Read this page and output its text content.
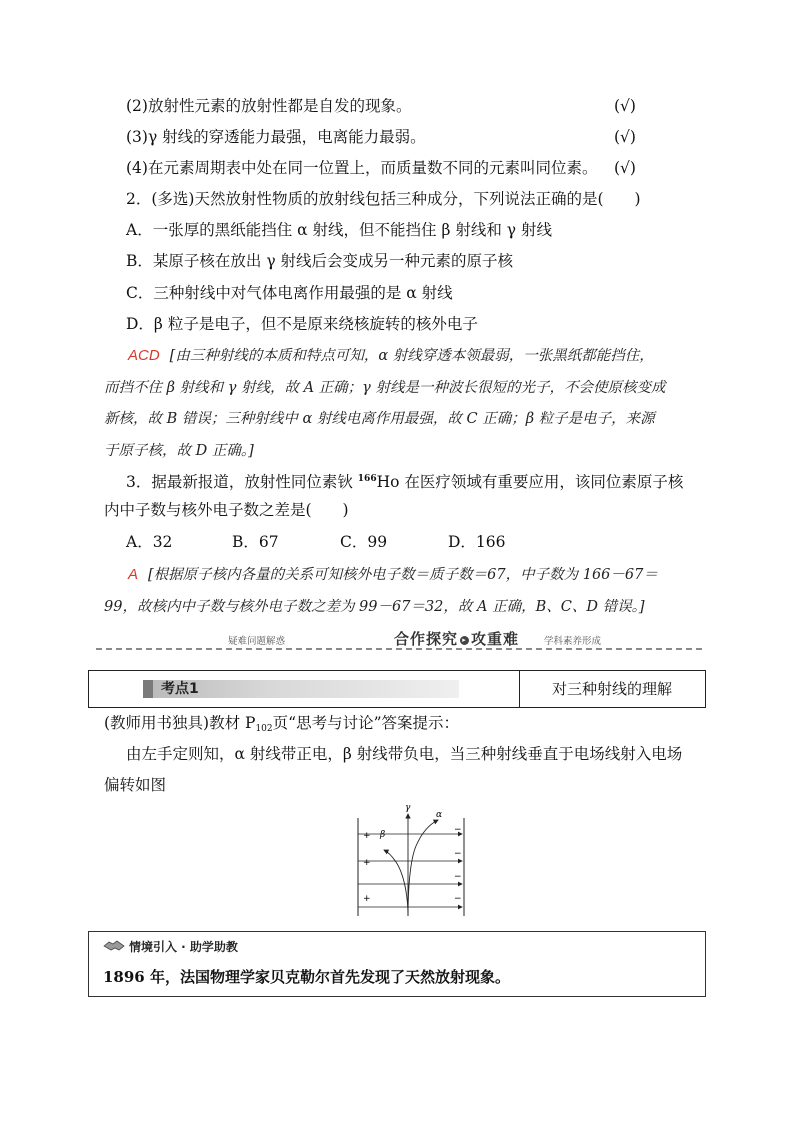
(2)放射性元素的放射性都是自发的现象。	(√)
(3)γ 射线的穿透能力最强，电离能力最弱。	(√)
(4)在元素周期表中处在同一位置上，而质量数不同的元素叫同位素。 (√)
2．(多选)天然放射性物质的放射线包括三种成分，下列说法正确的是(　　)
A．一张厚的黑纸能挡住 α 射线，但不能挡住 β 射线和 γ 射线
B．某原子核在放出 γ 射线后会变成另一种元素的原子核
C．三种射线中对气体电离作用最强的是 α 射线
D．β 粒子是电子，但不是原来绕核旋转的核外电子
ACD [由三种射线的本质和特点可知，α 射线穿透本领最弱，一张黑纸都能挡住，
而挡不住 β 射线和 γ 射线，故 A 正确；γ 射线是一种波长很短的光子，不会使原核变成
新核，故 B 错误；三种射线中 α 射线电离作用最强，故 C 正确；β 粒子是电子，来源
于原子核，故 D 正确。]
3．据最新报道，放射性同位素钬 $^{166}$Ho 在医疗领域有重要应用，该同位素原子核
内中子数与核外电子数之差是(　　)
A．32	B．67	C．99	D．166
A [根据原子核内各量的关系可知核外电子数＝质子数＝67，中子数为 166－67＝
99，故核内中子数与核外电子数之差为 99－67＝32，故 A 正确，B、C、D 错误。]
疑难问题解惑	合作探究 ▸ 攻重难	学科素养形成
考点1	对三种射线的理解
(教师用书独具)教材 $P_{102}$页“思考与讨论”答案提示：
由左手定则知，α 射线带正电，β 射线带负电，当三种射线垂直于电场线射入电场
偏转如图
+
+
+
−
−
−
−
γ
α
β
情境引入 · 助学助教
1896 年，法国物理学家贝克勒尔首先发现了天然放射现象。
